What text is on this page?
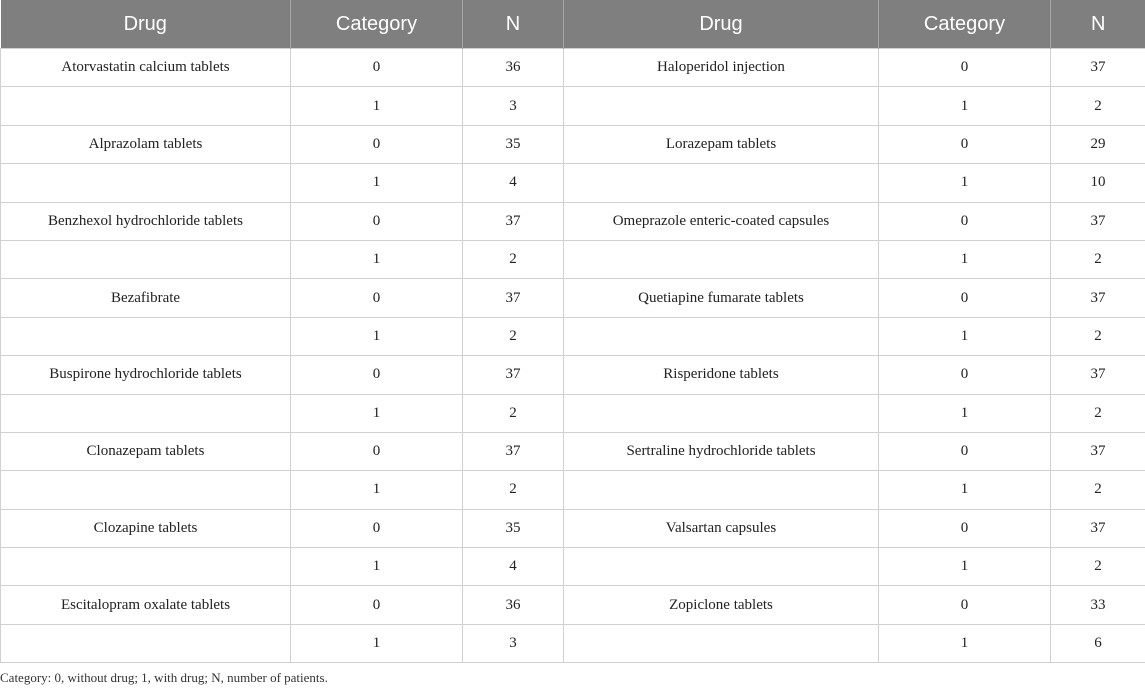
Drug	Category	N	Drug	Category	N
Atorvastatin calcium tablets	0	36	Haloperidol injection	0	37
	1	3		1	2
Alprazolam tablets	0	35	Lorazepam tablets	0	29
	1	4		1	10
Benzhexol hydrochloride tablets	0	37	Omeprazole enteric-coated capsules	0	37
	1	2		1	2
Bezafibrate	0	37	Quetiapine fumarate tablets	0	37
	1	2		1	2
Buspirone hydrochloride tablets	0	37	Risperidone tablets	0	37
	1	2		1	2
Clonazepam tablets	0	37	Sertraline hydrochloride tablets	0	37
	1	2		1	2
Clozapine tablets	0	35	Valsartan capsules	0	37
	1	4		1	2
Escitalopram oxalate tablets	0	36	Zopiclone tablets	0	33
	1	3		1	6
Category: 0, without drug; 1, with drug; N, number of patients.
